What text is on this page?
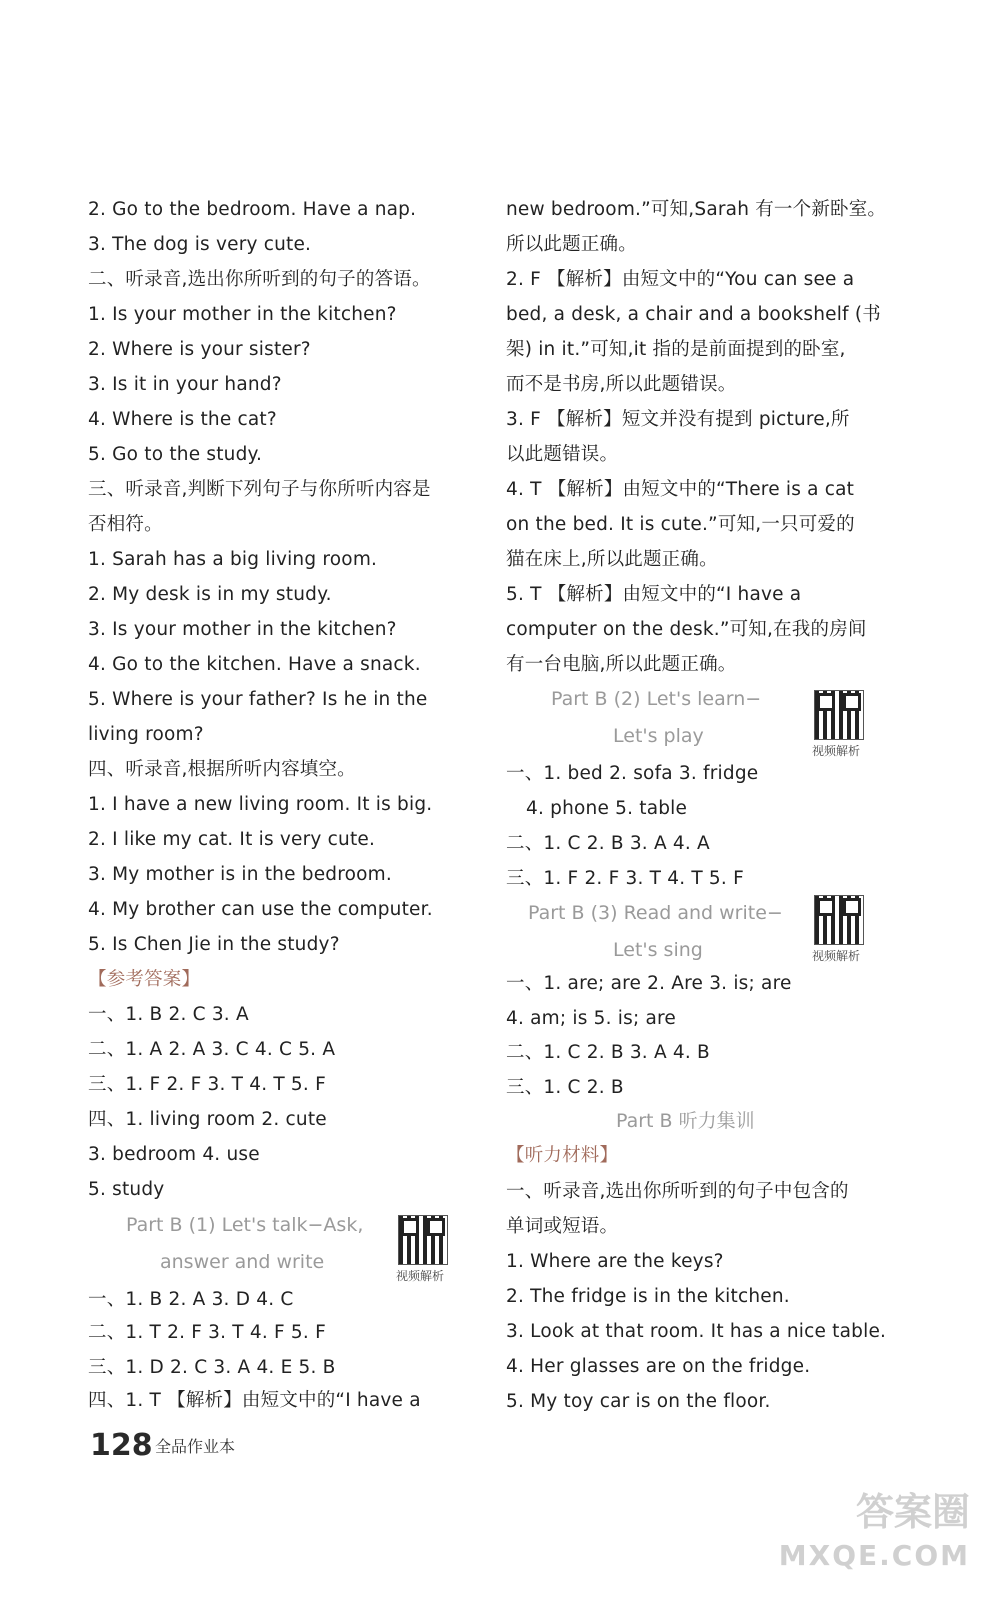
2. Go to the bedroom. Have a nap.
3. The dog is very cute.
二、听录音,选出你所听到的句子的答语。
1. Is your mother in the kitchen?
2. Where is your sister?
3. Is it in your hand?
4. Where is the cat?
5. Go to the study.
三、听录音,判断下列句子与你所听内容是
否相符。
1. Sarah has a big living room.
2. My desk is in my study.
3. Is your mother in the kitchen?
4. Go to the kitchen. Have a snack.
5. Where is your father? Is he in the
living room?
四、听录音,根据所听内容填空。
1. I have a new living room. It is big.
2. I like my cat. It is very cute.
3. My mother is in the bedroom.
4. My brother can use the computer.
5. Is Chen Jie in the study?
【参考答案】
一、1. B 2. C 3. A
二、1. A 2. A 3. C 4. C 5. A
三、1. F 2. F 3. T 4. T 5. F
四、1. living room 2. cute
3. bedroom 4. use
5. study
Part B (1) Let's talk−Ask,
answer and write
视频解析
一、1. B 2. A 3. D 4. C
二、1. T 2. F 3. T 4. F 5. F
三、1. D 2. C 3. A 4. E 5. B
四、1. T 【解析】由短文中的“I have a
new bedroom.”可知,Sarah 有一个新卧室。
所以此题正确。
2. F 【解析】由短文中的“You can see a
bed, a desk, a chair and a bookshelf (书
架) in it.”可知,it 指的是前面提到的卧室,
而不是书房,所以此题错误。
3. F 【解析】短文并没有提到 picture,所
以此题错误。
4. T 【解析】由短文中的“There is a cat
on the bed. It is cute.”可知,一只可爱的
猫在床上,所以此题正确。
5. T 【解析】由短文中的“I have a
computer on the desk.”可知,在我的房间
有一台电脑,所以此题正确。
Part B (2) Let's learn−
Let's play
视频解析
一、1. bed 2. sofa 3. fridge
4. phone 5. table
二、1. C 2. B 3. A 4. A
三、1. F 2. F 3. T 4. T 5. F
Part B (3) Read and write−
Let's sing	视频解析
一、1. are; are 2. Are 3. is; are
4. am; is 5. is; are
二、1. C 2. B 3. A 4. B
三、1. C 2. B
Part B 听力集训
【听力材料】
一、听录音,选出你所听到的句子中包含的
单词或短语。
1. Where are the keys?
2. The fridge is in the kitchen.
3. Look at that room. It has a nice table.
4. Her glasses are on the fridge.
5. My toy car is on the floor.
128 全品作业本
答案圈
MXQE.COM
